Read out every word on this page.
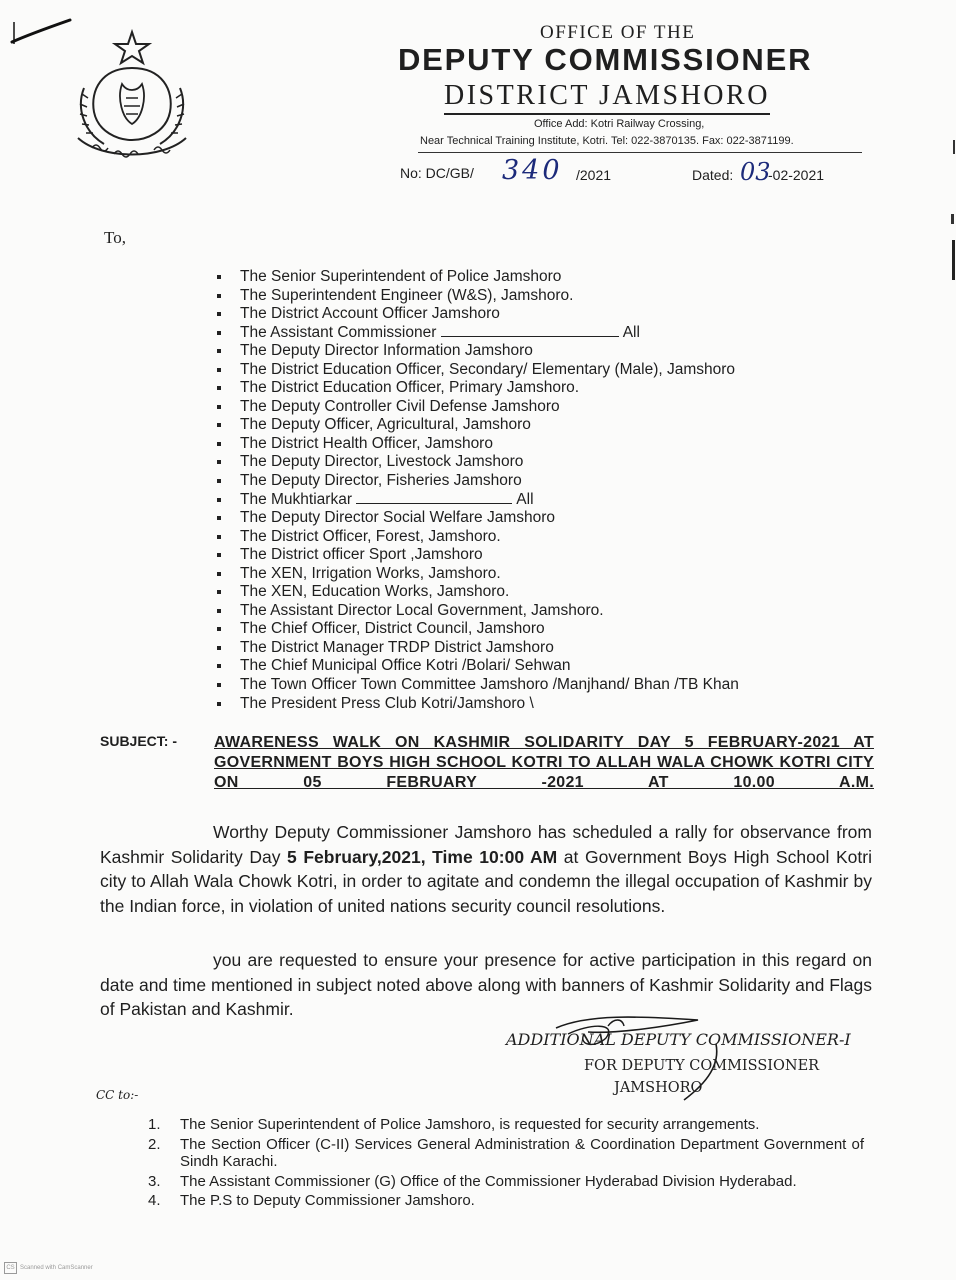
OFFICE OF THE
DEPUTY COMMISSIONER
DISTRICT JAMSHORO
Office Add: Kotri Railway Crossing,
Near Technical Training Institute, Kotri. Tel: 022-3870135. Fax: 022-3871199.
No: DC/GB/ 340 /2021	Dated: 03
-02-2021
To,
The Senior Superintendent of Police Jamshoro
The Superintendent Engineer (W&S), Jamshoro.
The District Account Officer Jamshoro
The Assistant Commissioner	All
The Deputy Director Information Jamshoro
The District Education Officer, Secondary/ Elementary (Male), Jamshoro
The District Education Officer, Primary Jamshoro.
The Deputy Controller Civil Defense Jamshoro
The Deputy Officer, Agricultural, Jamshoro
The District Health Officer, Jamshoro
The Deputy Director, Livestock Jamshoro
The Deputy Director, Fisheries Jamshoro
The Mukhtiarkar	All
The Deputy Director Social Welfare Jamshoro
The District Officer, Forest, Jamshoro.
The District officer Sport ,Jamshoro
The XEN, Irrigation Works, Jamshoro.
The XEN, Education Works, Jamshoro.
The Assistant Director Local Government, Jamshoro.
The Chief Officer, District Council, Jamshoro
The District Manager TRDP District Jamshoro
The Chief Municipal Office Kotri /Bolari/ Sehwan
The Town Officer Town Committee Jamshoro /Manjhand/ Bhan /TB Khan
The President Press Club Kotri/Jamshoro \
SUBJECT: - AWARENESS WALK ON KASHMIR SOLIDARITY DAY 5 FEBRUARY-2021 AT GOVERNMENT BOYS HIGH SCHOOL KOTRI TO ALLAH WALA CHOWK KOTRI CITY ON 05 FEBRUARY -2021 AT 10.00 A.M.
Worthy Deputy Commissioner Jamshoro has scheduled a rally for observance from Kashmir Solidarity Day 5 February,2021, Time 10:00 AM at Government Boys High School Kotri city to Allah Wala Chowk Kotri, in order to agitate and condemn the illegal occupation of Kashmir by the Indian force, in violation of united nations security council resolutions.
you are requested to ensure your presence for active participation in this regard on date and time mentioned in subject noted above along with banners of Kashmir Solidarity and Flags of Pakistan and Kashmir.
ADDITIONAL DEPUTY COMMISSIONER-I
FOR DEPUTY COMMISSIONER
JAMSHORO
CC to:-
1.	The Senior Superintendent of Police Jamshoro, is requested for security arrangements.
2.	The Section Officer (C-II) Services General Administration & Coordination Department Government of Sindh Karachi.
3.	The Assistant Commissioner (G) Office of the Commissioner Hyderabad Division Hyderabad.
4.	The P.S to Deputy Commissioner Jamshoro.
CS Scanned with CamScanner
